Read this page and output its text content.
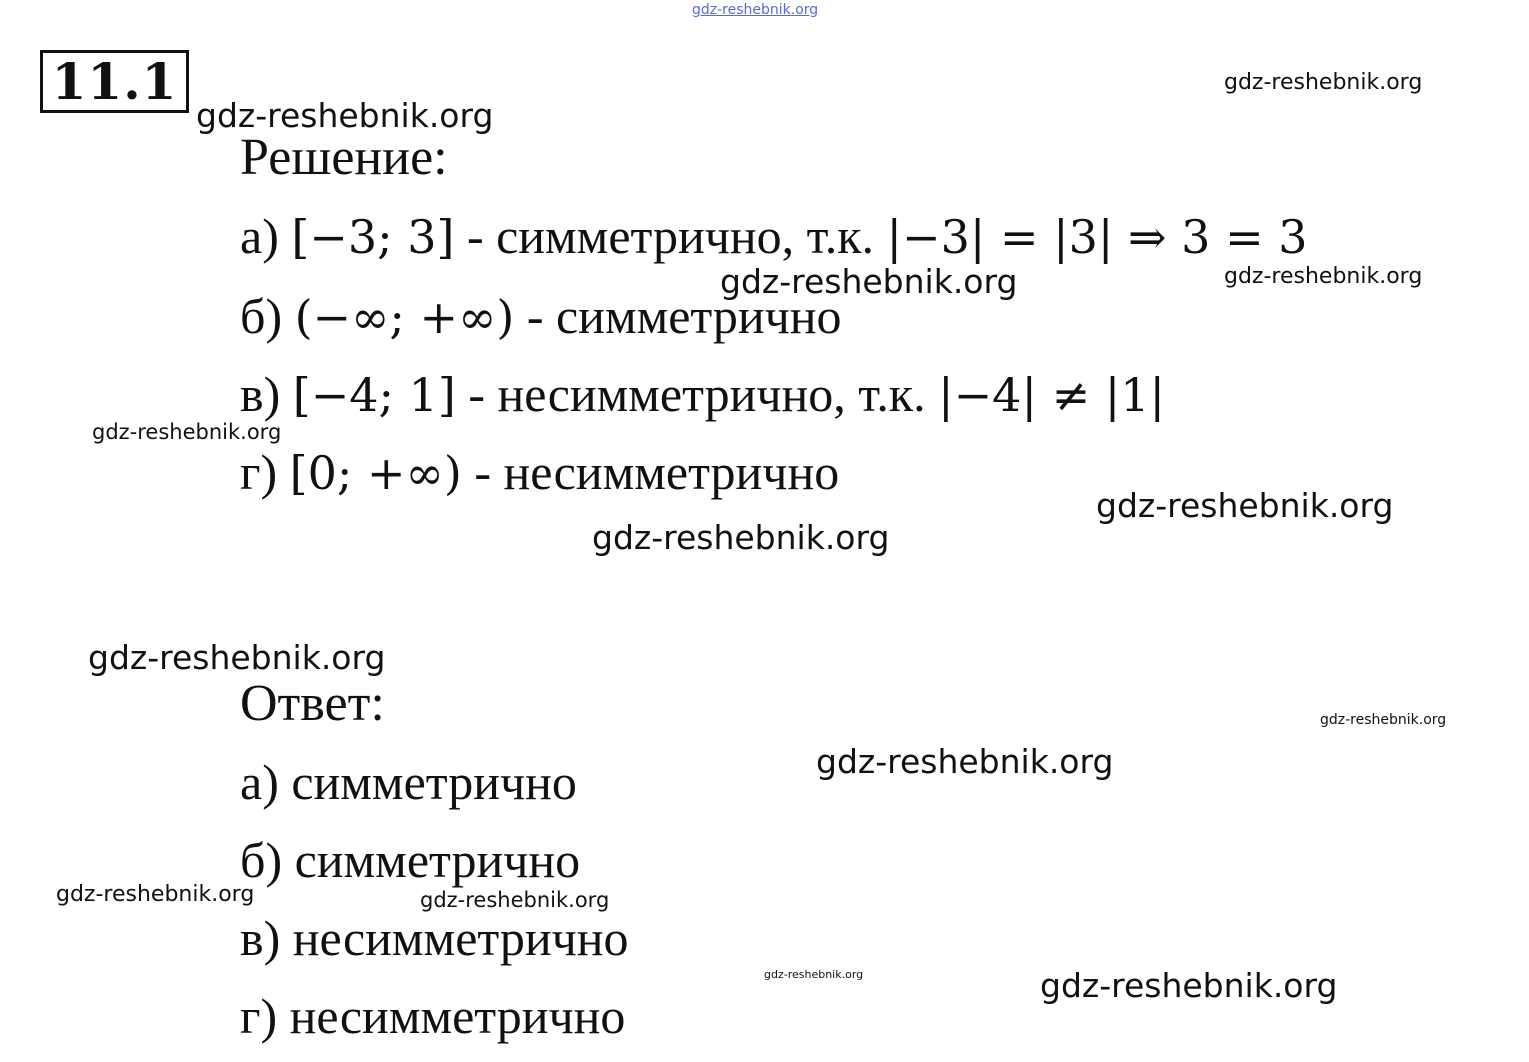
11.1
Решение:
а) [−3; 3] - симметрично, т.к. |−3| = |3| ⇒ 3 = 3
б) (−∞; +∞) - симметрично
в) [−4; 1] - несимметрично, т.к. |−4| ≠ |1|
г) [0; +∞) - несимметрично
Ответ:
а) симметрично
б) симметрично
в) несимметрично
г) несимметрично
gdz-reshebnik.org
gdz-reshebnik.org
gdz-reshebnik.org
gdz-reshebnik.org	gdz-reshebnik.org
gdz-reshebnik.org
gdz-reshebnik.org
gdz-reshebnik.org
gdz-reshebnik.org
gdz-reshebnik.org
gdz-reshebnik.org
gdz-reshebnik.org	gdz-reshebnik.org
gdz-reshebnik.org	gdz-reshebnik.org
